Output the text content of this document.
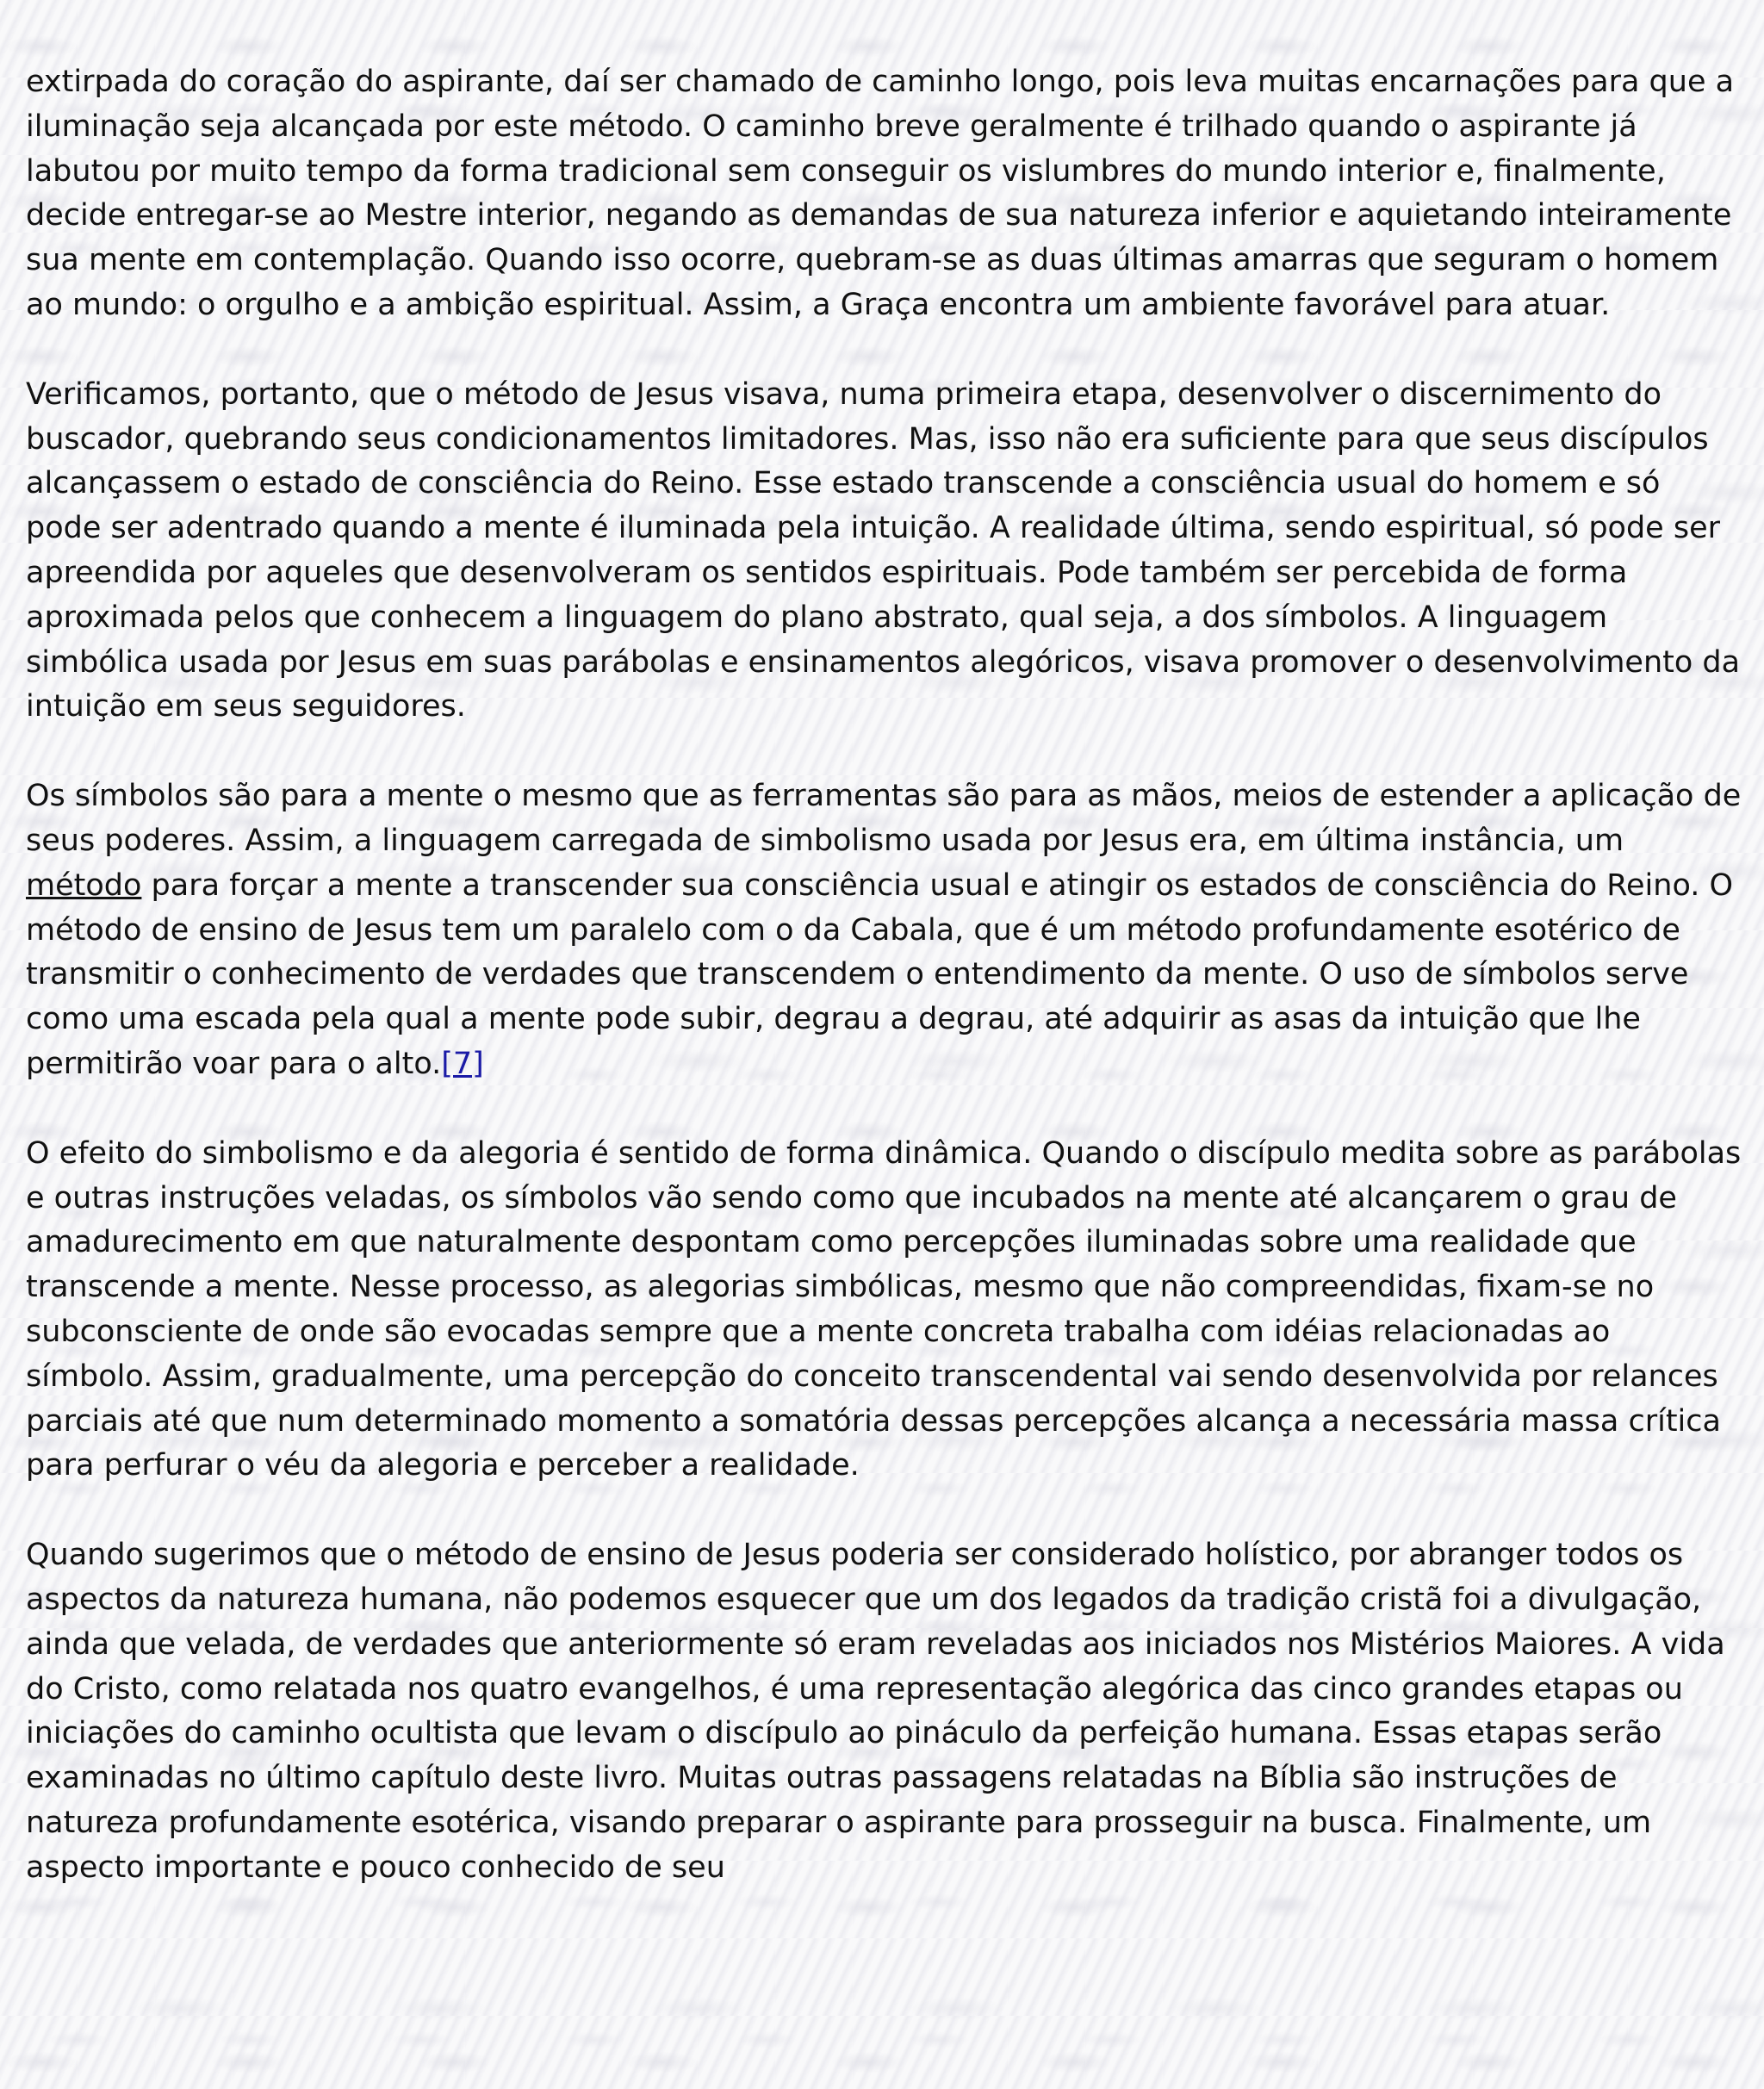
extirpada do coração do aspirante, daí ser chamado de caminho longo, pois leva muitas encarnações para que a iluminação seja alcançada por este método. O caminho breve geralmente é trilhado quando o aspirante já labutou por muito tempo da forma tradicional sem conseguir os vislumbres do mundo interior e, finalmente, decide entregar-se ao Mestre interior, negando as demandas de sua natureza inferior e aquietando inteiramente sua mente em contemplação. Quando isso ocorre, quebram-se as duas últimas amarras que seguram o homem ao mundo: o orgulho e a ambição espiritual. Assim, a Graça encontra um ambiente favorável para atuar.

Verificamos, portanto, que o método de Jesus visava, numa primeira etapa, desenvolver o discernimento do buscador, quebrando seus condicionamentos limitadores. Mas, isso não era suficiente para que seus discípulos alcançassem o estado de consciência do Reino. Esse estado transcende a consciência usual do homem e só pode ser adentrado quando a mente é iluminada pela intuição. A realidade última, sendo espiritual, só pode ser apreendida por aqueles que desenvolveram os sentidos espirituais. Pode também ser percebida de forma aproximada pelos que conhecem a linguagem do plano abstrato, qual seja, a dos símbolos. A linguagem simbólica usada por Jesus em suas parábolas e ensinamentos alegóricos, visava promover o desenvolvimento da intuição em seus seguidores.

Os símbolos são para a mente o mesmo que as ferramentas são para as mãos, meios de estender a aplicação de seus poderes. Assim, a linguagem carregada de simbolismo usada por Jesus era, em última instância, um método para forçar a mente a transcender sua consciência usual e atingir os estados de consciência do Reino. O método de ensino de Jesus tem um paralelo com o da Cabala, que é um método profundamente esotérico de transmitir o conhecimento de verdades que transcendem o entendimento da mente. O uso de símbolos serve como uma escada pela qual a mente pode subir, degrau a degrau, até adquirir as asas da intuição que lhe permitirão voar para o alto.[7]

O efeito do simbolismo e da alegoria é sentido de forma dinâmica. Quando o discípulo medita sobre as parábolas e outras instruções veladas, os símbolos vão sendo como que incubados na mente até alcançarem o grau de amadurecimento em que naturalmente despontam como percepções iluminadas sobre uma realidade que transcende a mente. Nesse processo, as alegorias simbólicas, mesmo que não compreendidas, fixam-se no subconsciente de onde são evocadas sempre que a mente concreta trabalha com idéias relacionadas ao símbolo. Assim, gradualmente, uma percepção do conceito transcendental vai sendo desenvolvida por relances parciais até que num determinado momento a somatória dessas percepções alcança a necessária massa crítica para perfurar o véu da alegoria e perceber a realidade.

Quando sugerimos que o método de ensino de Jesus poderia ser considerado holístico, por abranger todos os aspectos da natureza humana, não podemos esquecer que um dos legados da tradição cristã foi a divulgação, ainda que velada, de verdades que anteriormente só eram reveladas aos iniciados nos Mistérios Maiores. A vida do Cristo, como relatada nos quatro evangelhos, é uma representação alegórica das cinco grandes etapas ou iniciações do caminho ocultista que levam o discípulo ao pináculo da perfeição humana. Essas etapas serão examinadas no último capítulo deste livro. Muitas outras passagens relatadas na Bíblia são instruções de natureza profundamente esotérica, visando preparar o aspirante para prosseguir na busca. Finalmente, um aspecto importante e pouco conhecido de seu
